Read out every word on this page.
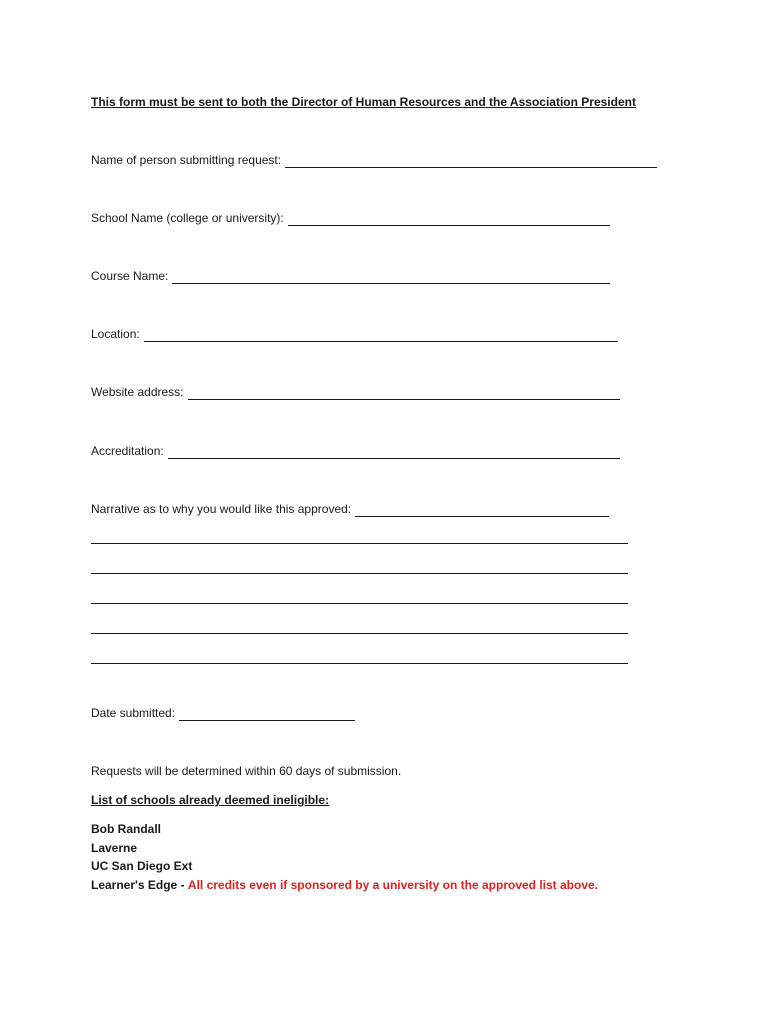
This form must be sent to both the Director of Human Resources and the Association President
Name of person submitting request:
School Name (college or university):
Course Name:
Location:
Website address:
Accreditation:
Narrative as to why you would like this approved:
Date submitted:
Requests will be determined within 60 days of submission.
List of schools already deemed ineligible:
Bob Randall
Laverne
UC San Diego Ext
Learner's Edge - All credits even if sponsored by a university on the approved list above.
